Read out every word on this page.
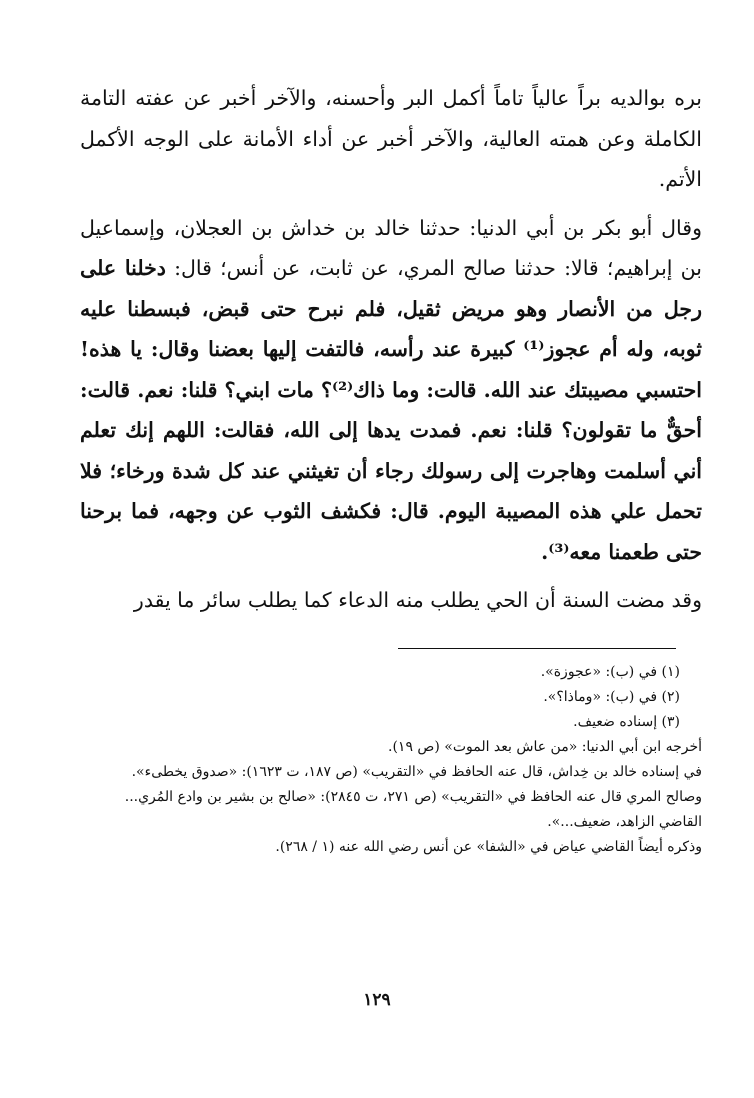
بره بوالديه براً عالياً تاماً أكمل البر وأحسنه، والآخر أخبر عن عفته التامة الكاملة وعن همته العالية، والآخر أخبر عن أداء الأمانة على الوجه الأكمل الأتم.

وقال أبو بكر بن أبي الدنيا: حدثنا خالد بن خداش بن العجلان، وإسماعيل بن إبراهيم؛ قالا: حدثنا صالح المري، عن ثابت، عن أنس؛ قال: دخلنا على رجل من الأنصار وهو مريض ثقيل، فلم نبرح حتى قبض، فبسطنا عليه ثوبه، وله أم عجوز⁽¹⁾ كبيرة عند رأسه، فالتفت إليها بعضنا وقال: يا هذه! احتسبي مصيبتك عند الله. قالت: وما ذاك⁽²⁾؟ مات ابني؟ قلنا: نعم. قالت: أحقٌّ ما تقولون؟ قلنا: نعم. فمدت يدها إلى الله، فقالت: اللهم إنك تعلم أني أسلمت وهاجرت إلى رسولك رجاء أن تغيثني عند كل شدة ورخاء؛ فلا تحمل علي هذه المصيبة اليوم. قال: فكشف الثوب عن وجهه، فما برحنا حتى طعمنا معه⁽³⁾.

وقد مضت السنة أن الحي يطلب منه الدعاء كما يطلب سائر ما يقدر

(١) في (ب): «عجوزة».

(٢) في (ب): «وماذا؟».

(٣) إسناده ضعيف.

أخرجه ابن أبي الدنيا: «من عاش بعد الموت» (ص ١٩).

في إسناده خالد بن خِداش، قال عنه الحافظ في «التقريب» (ص ١٨٧، ت ١٦٢٣): «صدوق يخطىء».

وصالح المري قال عنه الحافظ في «التقريب» (ص ٢٧١، ت ٢٨٤٥): «صالح بن بشير بن وادع المُري... القاضي الزاهد، ضعيف...».

وذكره أيضاً القاضي عياض في «الشفا» عن أنس رضي الله عنه (١ / ٢٦٨).

١٢٩
